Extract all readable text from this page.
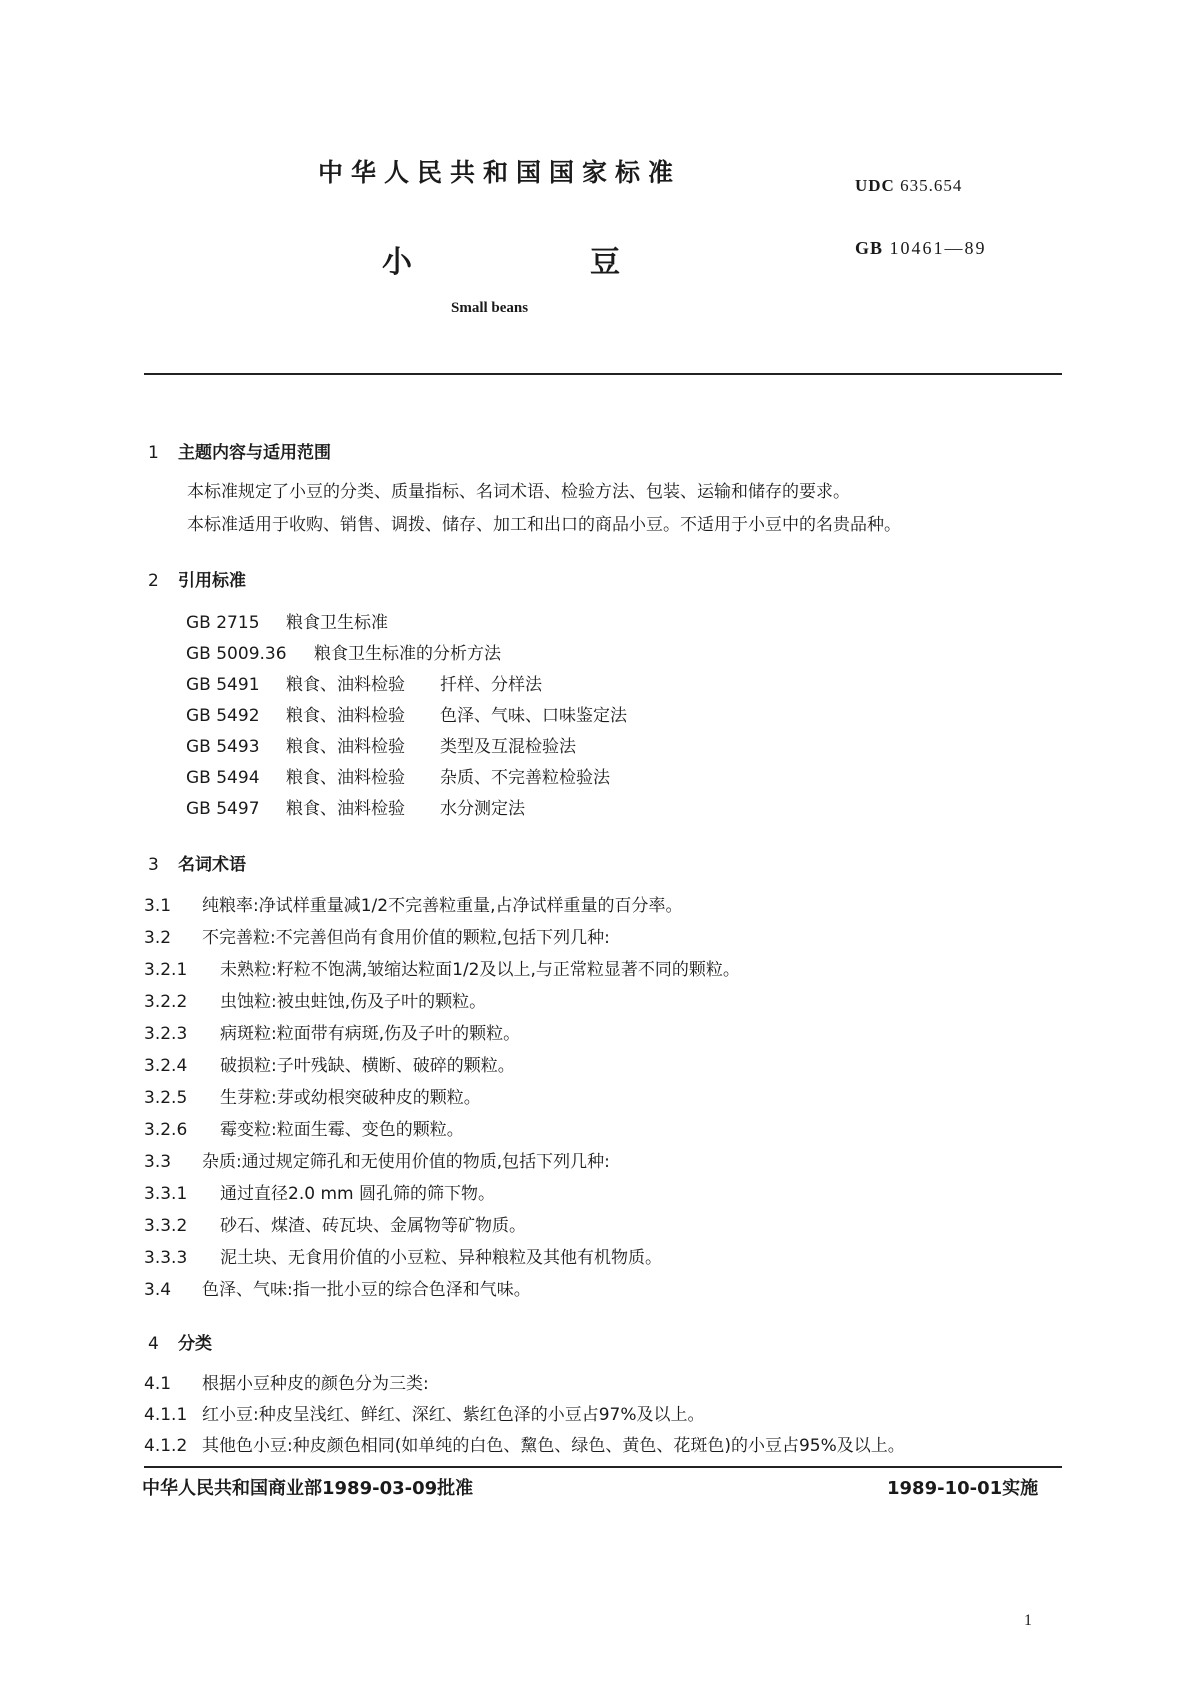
中华人民共和国国家标准	UDC 635.654
小	豆	GB 10461—89
Small beans
1 主题内容与适用范围
本标准规定了小豆的分类、质量指标、名词术语、检验方法、包装、运输和储存的要求。
本标准适用于收购、销售、调拨、储存、加工和出口的商品小豆。不适用于小豆中的名贵品种。
2 引用标准
GB 2715 粮食卫生标准
GB 5009.36 粮食卫生标准的分析方法
GB 5491 粮食、油料检验 扦样、分样法
GB 5492 粮食、油料检验 色泽、气味、口味鉴定法
GB 5493 粮食、油料检验 类型及互混检验法
GB 5494 粮食、油料检验 杂质、不完善粒检验法
GB 5497 粮食、油料检验 水分测定法
3 名词术语
3.1 纯粮率:净试样重量减1/2不完善粒重量,占净试样重量的百分率。
3.2 不完善粒:不完善但尚有食用价值的颗粒,包括下列几种:
3.2.1 未熟粒:籽粒不饱满,皱缩达粒面1/2及以上,与正常粒显著不同的颗粒。
3.2.2 虫蚀粒:被虫蛀蚀,伤及子叶的颗粒。
3.2.3 病斑粒:粒面带有病斑,伤及子叶的颗粒。
3.2.4 破损粒:子叶残缺、横断、破碎的颗粒。
3.2.5 生芽粒:芽或幼根突破种皮的颗粒。
3.2.6 霉变粒:粒面生霉、变色的颗粒。
3.3 杂质:通过规定筛孔和无使用价值的物质,包括下列几种:
3.3.1 通过直径2.0 mm 圆孔筛的筛下物。
3.3.2 砂石、煤渣、砖瓦块、金属物等矿物质。
3.3.3 泥土块、无食用价值的小豆粒、异种粮粒及其他有机物质。
3.4 色泽、气味:指一批小豆的综合色泽和气味。
4 分类
4.1 根据小豆种皮的颜色分为三类:
4.1.1 红小豆:种皮呈浅红、鲜红、深红、紫红色泽的小豆占97%及以上。
4.1.2 其他色小豆:种皮颜色相同(如单纯的白色、黧色、绿色、黄色、花斑色)的小豆占95%及以上。
中华人民共和国商业部1989-03-09批准	1989-10-01实施
1
